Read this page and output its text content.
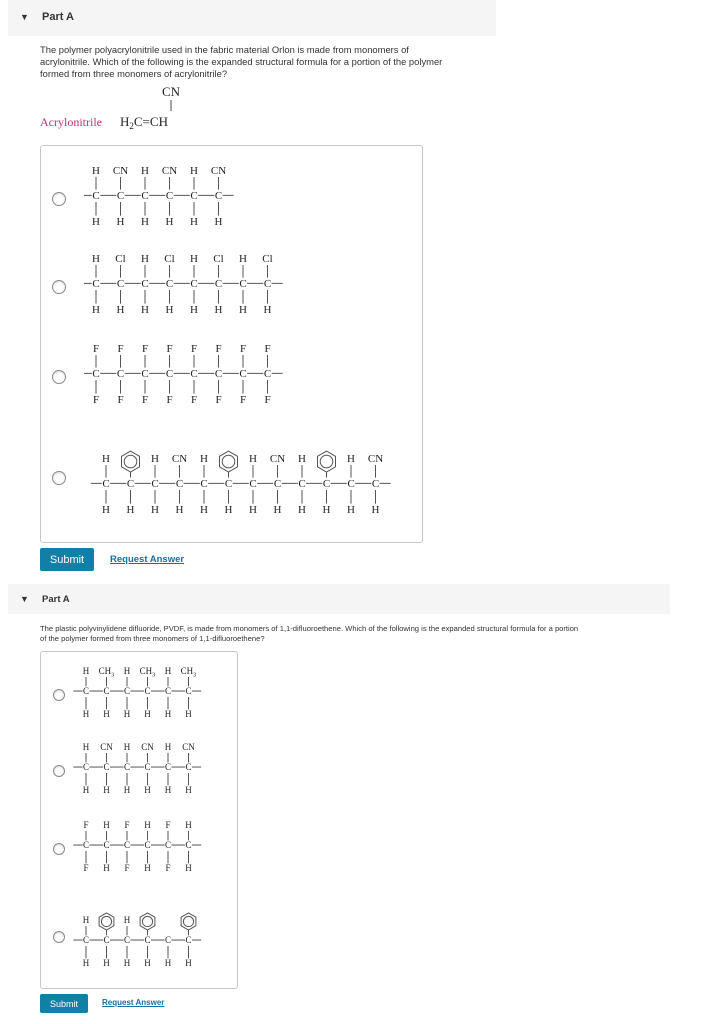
▼ Part A
The polymer polyacrylonitrile used in the fabric material Orlon is made from monomers of
acrylonitrile. Which of the following is the expanded structural formula for a portion of the polymer
formed from three monomers of acrylonitrile?
Acrylonitrile
CN
$H_2C=CH$
C
H
H
C
CN
H
C
H
H
C
CN
H
C
H
H
C
CN
H
C
H
H
C
Cl
H
C
H
H
C
Cl
H
C
H
H
C
Cl
H
C
H
H
C
Cl
H
C
F
F
C
F
F
C
F
F
C
F
F
C
F
F
C
F
F
C
F
F
C
F
F
C
H
H
C
H
C
H
H
C
CN
H
C
H
H
C
H
C
H
H
C
CN
H
C
H
H
C
H
C
H
H
C
CN
H
Submit	Request Answer
▼ Part A
The plastic polyvinylidene difluoride, PVDF, is made from monomers of 1,1-difluoroethene. Which of the following is the expanded structural formula for a portion
of the polymer formed from three monomers of 1,1-difluoroethene?
C
H
H
C
$CH_3$
H
C
H
H
C
$CH_3$
H
C
H
H
C
$CH_3$
H
C
H
H
C
CN
H
C
H
H
C
CN
H
C
H
H
C
CN
H
C
F
F
C
H
H
C
F
F
C
H
H
C
F
F
C
H
H
C
H
H
C
H
C
H
H
C
H
C
H
C
H
Submit	Request Answer
